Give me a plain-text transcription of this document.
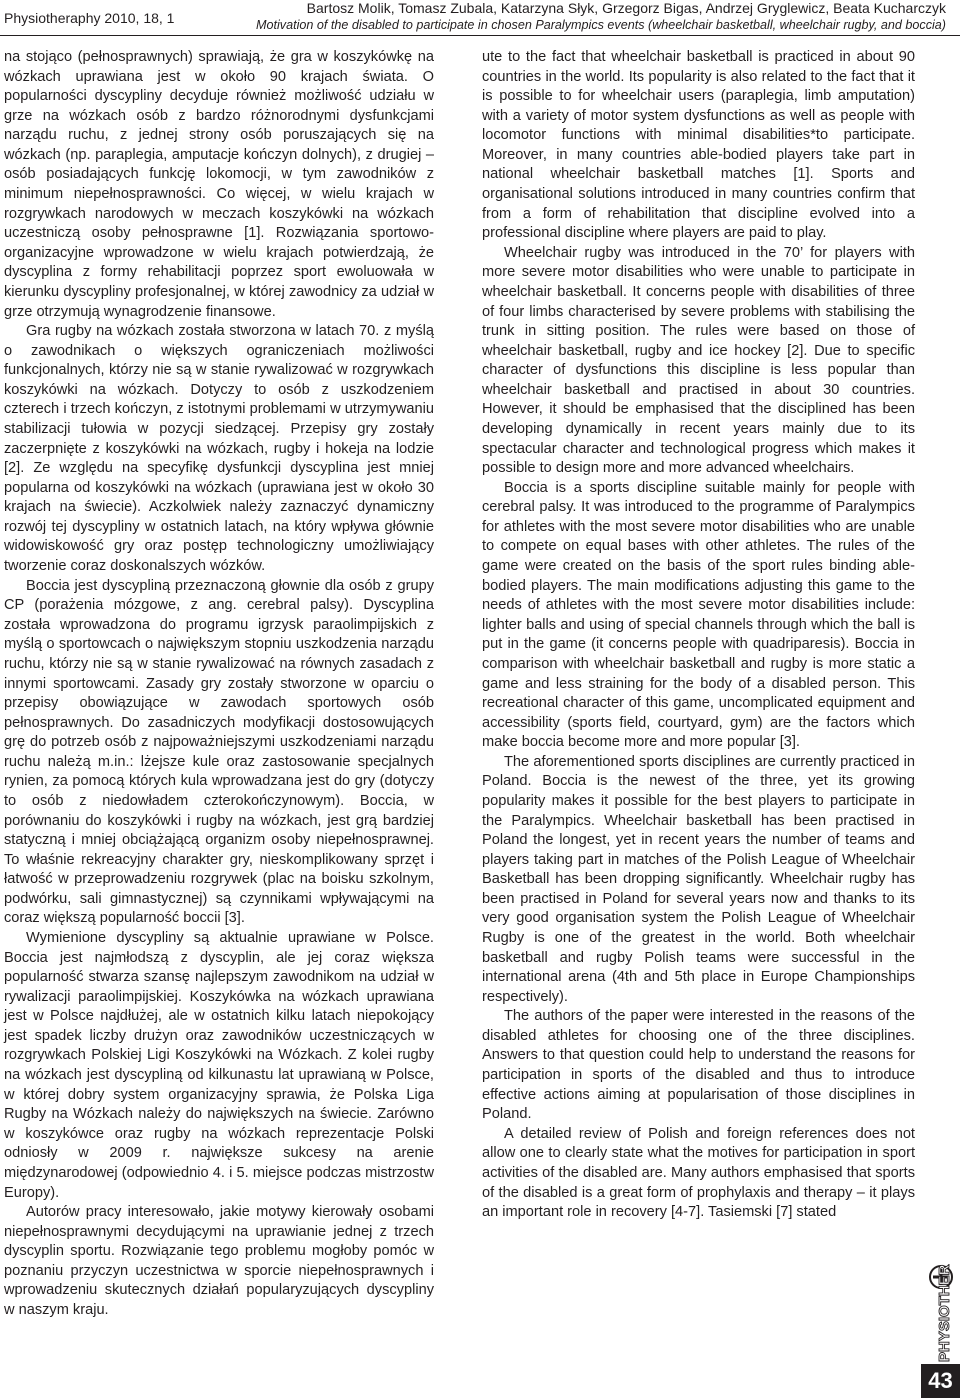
Physiotheraphy 2010, 18, 1
Bartosz Molik, Tomasz Zubala, Katarzyna Słyk, Grzegorz Bigas, Andrzej Gryglewicz, Beata Kucharczyk
Motivation of the disabled to participate in chosen Paralympics events (wheelchair basketball, wheelchair rugby, and boccia)

na stojąco (pełnosprawnych) sprawiają, że gra w koszykówkę na wózkach uprawiana jest w około 90 krajach świata. O popularności dyscypliny decyduje również możliwość udziału w grze na wózkach osób z bardzo różnorodnymi dysfunkcjami narządu ruchu, z jednej strony osób poruszających się na wózkach (np. paraplegia, amputacje kończyn dolnych), z drugiej – osób posiadających funkcję lokomocji, w tym zawodników z minimum niepełnosprawności. Co więcej, w wielu krajach w rozgrywkach narodowych w meczach koszykówki na wózkach uczestniczą osoby pełnosprawne [1]. Rozwiązania sportowo-organizacyjne wprowadzone w wielu krajach potwierdzają, że dyscyplina z formy rehabilitacji poprzez sport ewoluowała w kierunku dyscypliny profesjonalnej, w której zawodnicy za udział w grze otrzymują wynagrodzenie finansowe.

Gra rugby na wózkach została stworzona w latach 70. z myślą o zawodnikach o większych ograniczeniach możliwości funkcjonalnych, którzy nie są w stanie rywalizować w rozgrywkach koszykówki na wózkach. Dotyczy to osób z uszkodzeniem czterech i trzech kończyn, z istotnymi problemami w utrzymywaniu stabilizacji tułowia w pozycji siedzącej. Przepisy gry zostały zaczerpnięte z koszykówki na wózkach, rugby i hokeja na lodzie [2]. Ze względu na specyfikę dysfunkcji dyscyplina jest mniej popularna od koszykówki na wózkach (uprawiana jest w około 30 krajach na świecie). Aczkolwiek należy zaznaczyć dynamiczny rozwój tej dyscypliny w ostatnich latach, na który wpływa głównie widowiskowość gry oraz postęp technologiczny umożliwiający tworzenie coraz doskonalszych wózków.

Boccia jest dyscypliną przeznaczoną głownie dla osób z grupy CP (porażenia mózgowe, z ang. cerebral palsy). Dyscyplina została wprowadzona do programu igrzysk paraolimpijskich z myślą o sportowcach o największym stopniu uszkodzenia narządu ruchu, którzy nie są w stanie rywalizować na równych zasadach z innymi sportowcami. Zasady gry zostały stworzone w oparciu o przepisy obowiązujące w zawodach sportowych osób pełnosprawnych. Do zasadniczych modyfikacji dostosowujących grę do potrzeb osób z najpoważniejszymi uszkodzeniami narządu ruchu należą m.in.: lżejsze kule oraz zastosowanie specjalnych rynien, za pomocą których kula wprowadzana jest do gry (dotyczy to osób z niedowładem czterokończynowym). Boccia, w porównaniu do koszykówki i rugby na wózkach, jest grą bardziej statyczną i mniej obciążającą organizm osoby niepełnosprawnej. To właśnie rekreacyjny charakter gry, nieskomplikowany sprzęt i łatwość w przeprowadzeniu rozgrywek (plac na boisku szkolnym, podwórku, sali gimnastycznej) są czynnikami wpływającymi na coraz większą popularność boccii [3].

Wymienione dyscypliny są aktualnie uprawiane w Polsce. Boccia jest najmłodszą z dyscyplin, ale jej coraz większa popularność stwarza szansę najlepszym zawodnikom na udział w rywalizacji paraolimpijskiej. Koszykówka na wózkach uprawiana jest w Polsce najdłużej, ale w ostatnich kilku latach niepokojący jest spadek liczby drużyn oraz zawodników uczestniczących w rozgrywkach Polskiej Ligi Koszykówki na Wózkach. Z kolei rugby na wózkach jest dyscypliną od kilkunastu lat uprawianą w Polsce, w której dobry system organizacyjny sprawia, że Polska Liga Rugby na Wózkach należy do największych na świecie. Zarówno w koszykówce oraz rugby na wózkach reprezentacje Polski odniosły w 2009 r. największe sukcesy na arenie międzynarodowej (odpowiednio 4. i 5. miejsce podczas mistrzostw Europy).

Autorów pracy interesowało, jakie motywy kierowały osobami niepełnosprawnymi decydującymi na uprawianie jednej z trzech dyscyplin sportu. Rozwiązanie tego problemu mogłoby pomóc w poznaniu przyczyn uczestnictwa w sporcie niepełnosprawnych i wprowadzeniu skutecznych działań popularyzujących dyscypliny w naszym kraju.

ute to the fact that wheelchair basketball is practiced in about 90 countries in the world. Its popularity is also related to the fact that it is possible to for wheelchair users (paraplegia, limb amputation) with a variety of motor system dysfunctions as well as people with locomotor functions with minimal disabilities*to participate. Moreover, in many countries able-bodied players take part in national wheelchair basketball matches [1]. Sports and organisational solutions introduced in many countries confirm that from a form of rehabilitation that discipline evolved into a professional discipline where players are paid to play.

Wheelchair rugby was introduced in the 70’ for players with more severe motor disabilities who were unable to participate in wheelchair basketball. It concerns people with disabilities of three of four limbs characterised by severe problems with stabilising the trunk in sitting position. The rules were based on those of wheelchair basketball, rugby and ice hockey [2]. Due to specific character of dysfunctions this discipline is less popular than wheelchair basketball and practised in about 30 countries. However, it should be emphasised that the disciplined has been developing dynamically in recent years mainly due to its spectacular character and technological progress which makes it possible to design more and more advanced wheelchairs.

Boccia is a sports discipline suitable mainly for people with cerebral palsy. It was introduced to the programme of Paralympics for athletes with the most severe motor disabilities who are unable to compete on equal bases with other athletes. The rules of the game were created on the basis of the sport rules binding able-bodied players. The main modifications adjusting this game to the needs of athletes with the most severe motor disabilities include: lighter balls and using of special channels through which the ball is put in the game (it concerns people with quadriparesis). Boccia in comparison with wheelchair basketball and rugby is more static a game and less straining for the body of a disabled person. This recreational character of this game, uncomplicated equipment and accessibility (sports field, courtyard, gym) are the factors which make boccia become more and more popular [3].

The aforementioned sports disciplines are currently practiced in Poland. Boccia is the newest of the three, yet its growing popularity makes it possible for the best players to participate in the Paralympics. Wheelchair basketball has been practised in Poland the longest, yet in recent years the number of teams and players taking part in matches of the Polish League of Wheelchair Basketball has been dropping significantly. Wheelchair rugby has been practised in Poland for several years now and thanks to its very good organisation system the Polish League of Wheelchair Rugby is one of the greatest in the world. Both wheelchair basketball and rugby Polish teams were successful in the international arena (4th and 5th place in Europe Championships respectively).

The authors of the paper were interested in the reasons of the disabled athletes for choosing one of the three disciplines. Answers to that question could help to understand the reasons for participation in sports of the disabled and thus to introduce effective actions aiming at popularisation of those disciplines in Poland.

A detailed review of Polish and foreign references does not allow one to clearly state what the motives for participation in sport activities of the disabled are. Many authors emphasised that sports of the disabled is a great form of prophylaxis and therapy – it plays an important role in recovery [4-7]. Tasiemski [7] stated

PHYSIOTHERAPY
43
